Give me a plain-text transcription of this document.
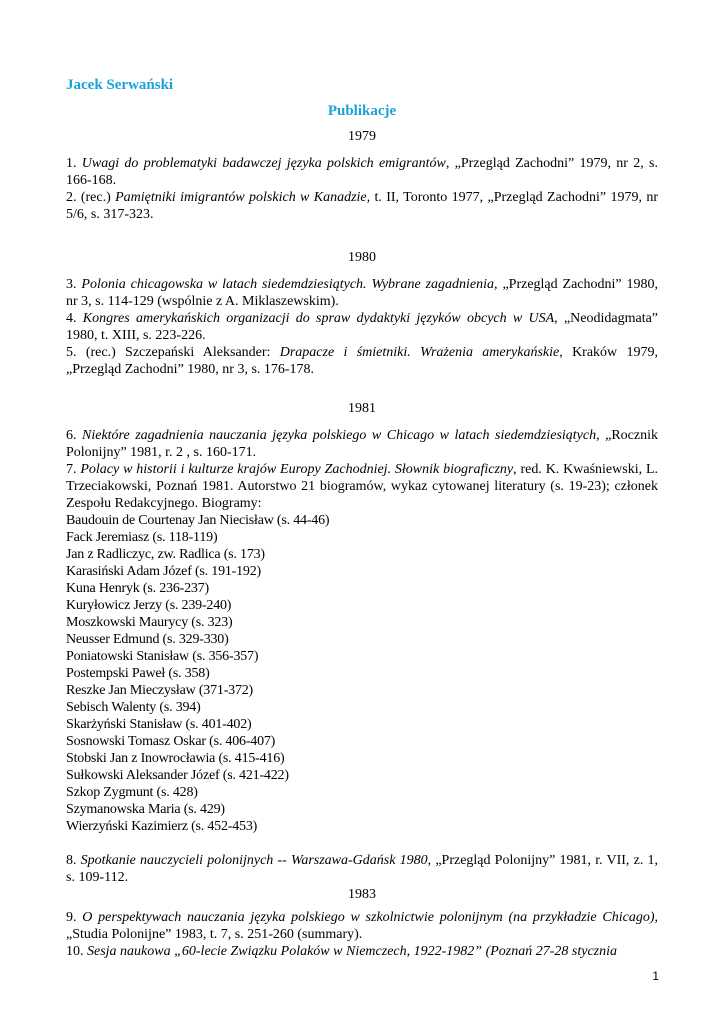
Jacek Serwański
Publikacje
1979
1. Uwagi do problematyki badawczej języka polskich emigrantów, „Przegląd Zachodni” 1979, nr 2, s. 166-168.
2. (rec.) Pamiętniki imigrantów polskich w Kanadzie, t. II, Toronto 1977, „Przegląd Zachodni” 1979, nr 5/6, s. 317-323.
1980
3. Polonia chicagowska w latach siedemdziesiątych. Wybrane zagadnienia, „Przegląd Zachodni” 1980, nr 3, s. 114-129 (wspólnie z A. Miklaszewskim).
4. Kongres amerykańskich organizacji do spraw dydaktyki języków obcych w USA, „Neodidagmata” 1980, t. XIII, s. 223-226.
5. (rec.) Szczepański Aleksander: Drapacze i śmietniki. Wrażenia amerykańskie, Kraków 1979, „Przegląd Zachodni” 1980, nr 3, s. 176-178.
1981
6. Niektóre zagadnienia nauczania języka polskiego w Chicago w latach siedemdziesiątych, „Rocznik Polonijny” 1981, r. 2 , s. 160-171.
7. Polacy w historii i kulturze krajów Europy Zachodniej. Słownik biograficzny, red. K. Kwaśniewski, L. Trzeciakowski, Poznań 1981. Autorstwo 21 biogramów, wykaz cytowanej literatury (s. 19-23); członek Zespołu Redakcyjnego. Biogramy:
Baudouin de Courtenay Jan Niecisław (s. 44-46)
Fack Jeremiasz (s. 118-119)
Jan z Radliczyc, zw. Radlica (s. 173)
Karasiński Adam Józef (s. 191-192)
Kuna Henryk (s. 236-237)
Kuryłowicz Jerzy (s. 239-240)
Moszkowski Maurycy (s. 323)
Neusser Edmund (s. 329-330)
Poniatowski Stanisław (s. 356-357)
Postempski Paweł (s. 358)
Reszke Jan Mieczysław (371-372)
Sebisch Walenty (s. 394)
Skarżyński Stanisław (s. 401-402)
Sosnowski Tomasz Oskar (s. 406-407)
Stobski Jan z Inowrocławia (s. 415-416)
Sułkowski Aleksander Józef (s. 421-422)
Szkop Zygmunt (s. 428)
Szymanowska Maria (s. 429)
Wierzyński Kazimierz (s. 452-453)
8. Spotkanie nauczycieli polonijnych -- Warszawa-Gdańsk 1980, „Przegląd Polonijny” 1981, r. VII, z. 1, s. 109-112.
1983
9. O perspektywach nauczania języka polskiego w szkolnictwie polonijnym (na przykładzie Chicago), „Studia Polonijne” 1983, t. 7, s. 251-260 (summary).
10. Sesja naukowa „60-lecie Związku Polaków w Niemczech, 1922-1982” (Poznań 27-28 stycznia
1
